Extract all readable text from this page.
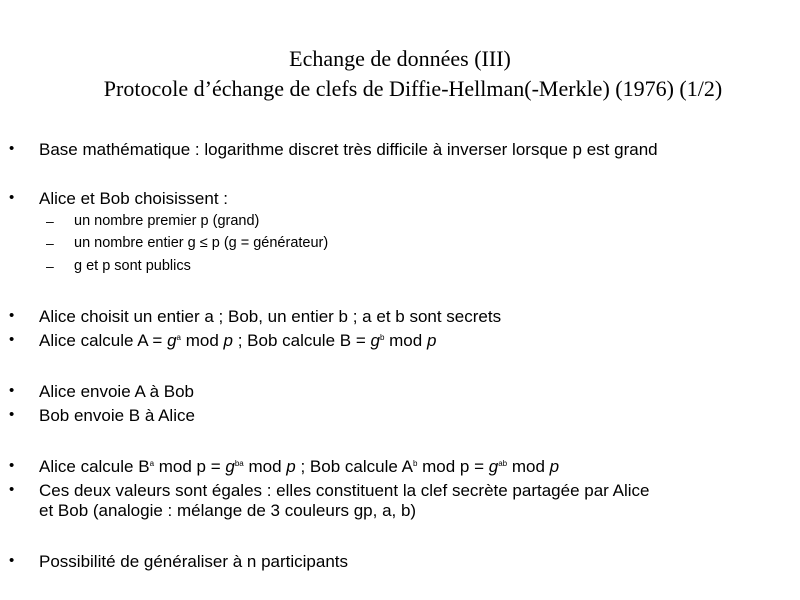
Echange de données (III)
Protocole d’échange de clefs de Diffie-Hellman(-Merkle) (1976) (1/2)
• Base mathématique : logarithme discret très difficile à inverser lorsque p est grand
• Alice et Bob choisissent :
– un nombre premier p (grand)
– un nombre entier g ≤ p (g = générateur)
– g et p sont publics
• Alice choisit un entier a ; Bob, un entier b ; a et b sont secrets
• Alice calcule $A = g^a$ mod p ; Bob calcule $B = g^b$ mod p
• Alice envoie A à Bob
• Bob envoie B à Alice
• Alice calcule $B^a$ mod $p = g^{ba}$ mod p ; Bob calcule $A^b$ mod $p = g^{ab}$ mod p
• Ces deux valeurs sont égales : elles constituent la clef secrète partagée par Alice
et Bob (analogie : mélange de 3 couleurs gp, a, b)
• Possibilité de généraliser à n participants
